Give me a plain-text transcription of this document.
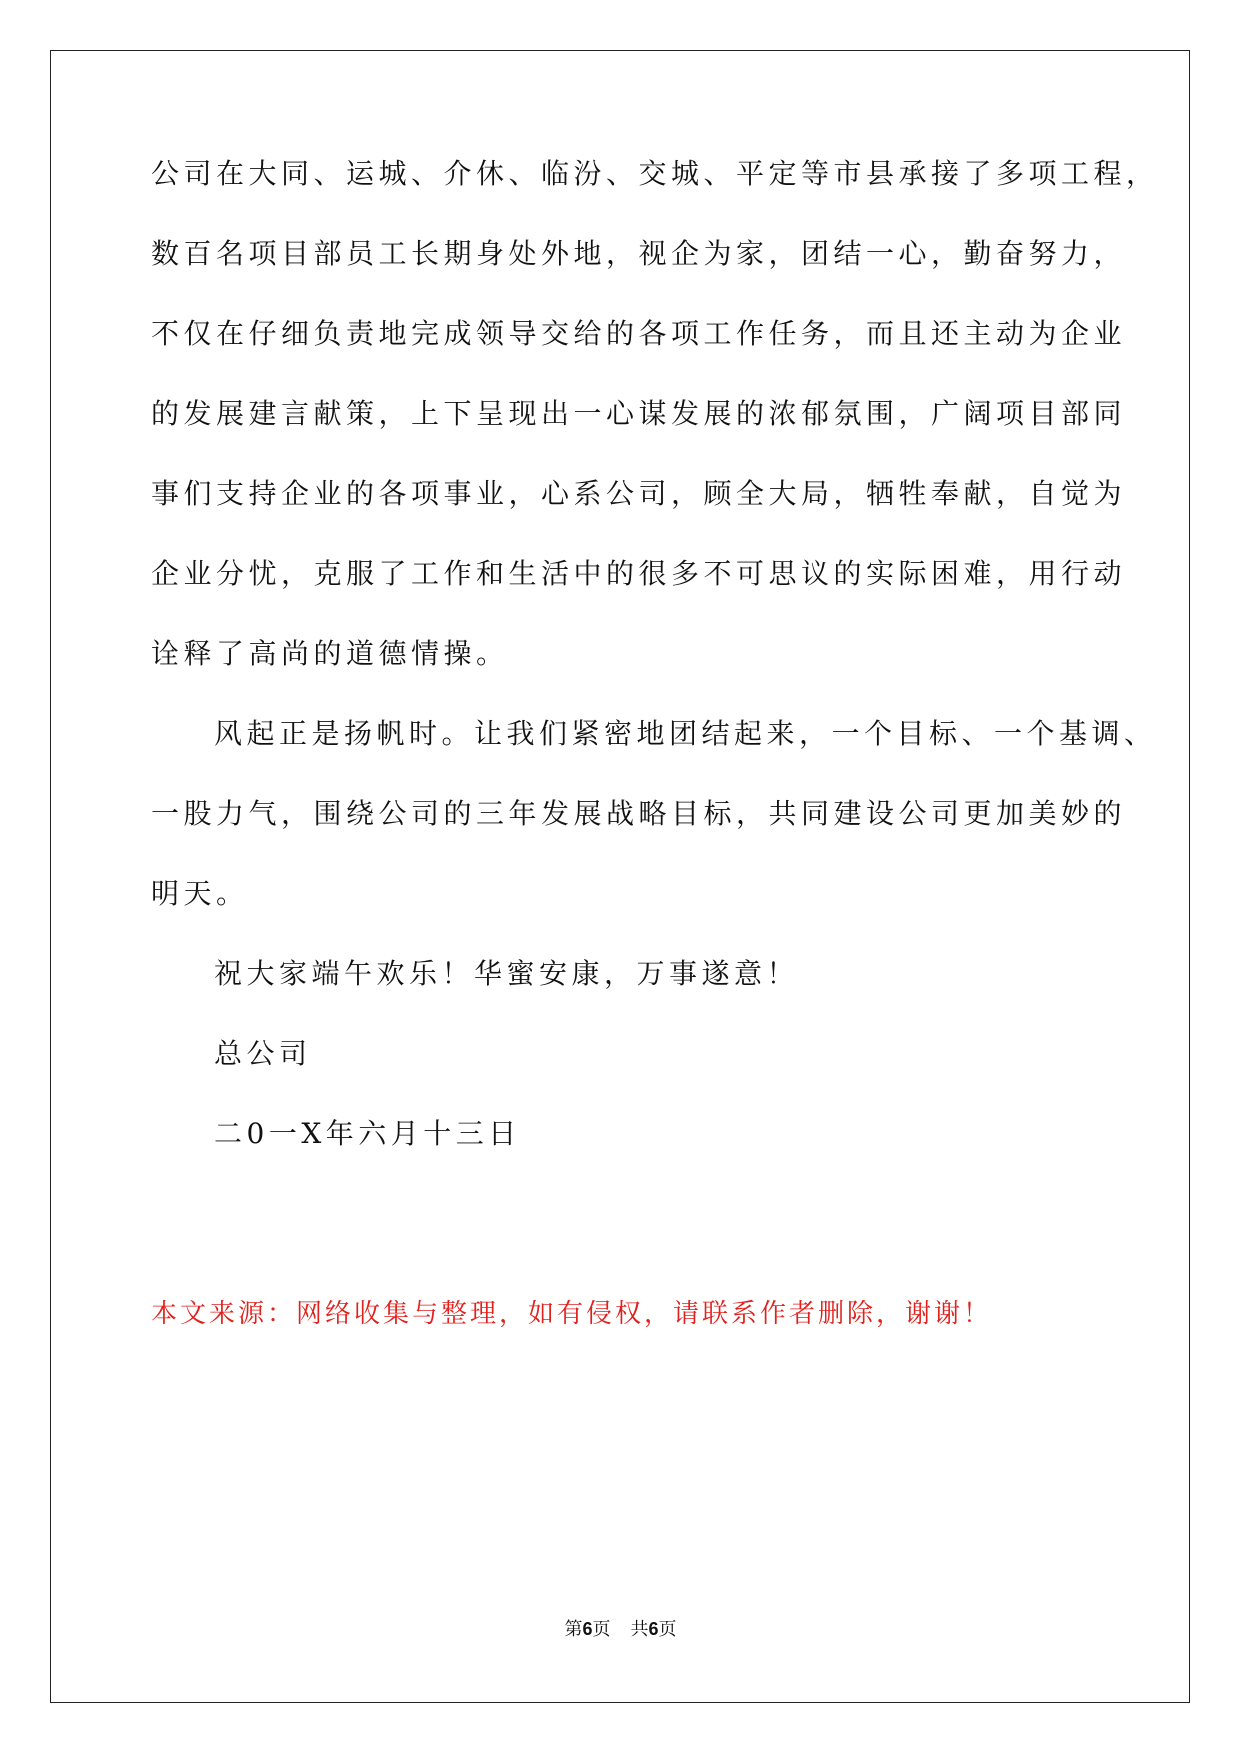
公司在大同、运城、介休、临汾、交城、平定等市县承接了多项工程，
数百名项目部员工长期身处外地，视企为家，团结一心，勤奋努力，
不仅在仔细负责地完成领导交给的各项工作任务，而且还主动为企业
的发展建言献策，上下呈现出一心谋发展的浓郁氛围，广阔项目部同
事们支持企业的各项事业，心系公司，顾全大局，牺牲奉献，自觉为
企业分忧，克服了工作和生活中的很多不可思议的实际困难，用行动
诠释了高尚的道德情操。
风起正是扬帆时。让我们紧密地团结起来，一个目标、一个基调、
一股力气，围绕公司的三年发展战略目标，共同建设公司更加美妙的
明天。
祝大家端午欢乐！华蜜安康，万事遂意！
总公司
二0一X年六月十三日
本文来源：网络收集与整理，如有侵权，请联系作者删除，谢谢！
第6页 共6页
